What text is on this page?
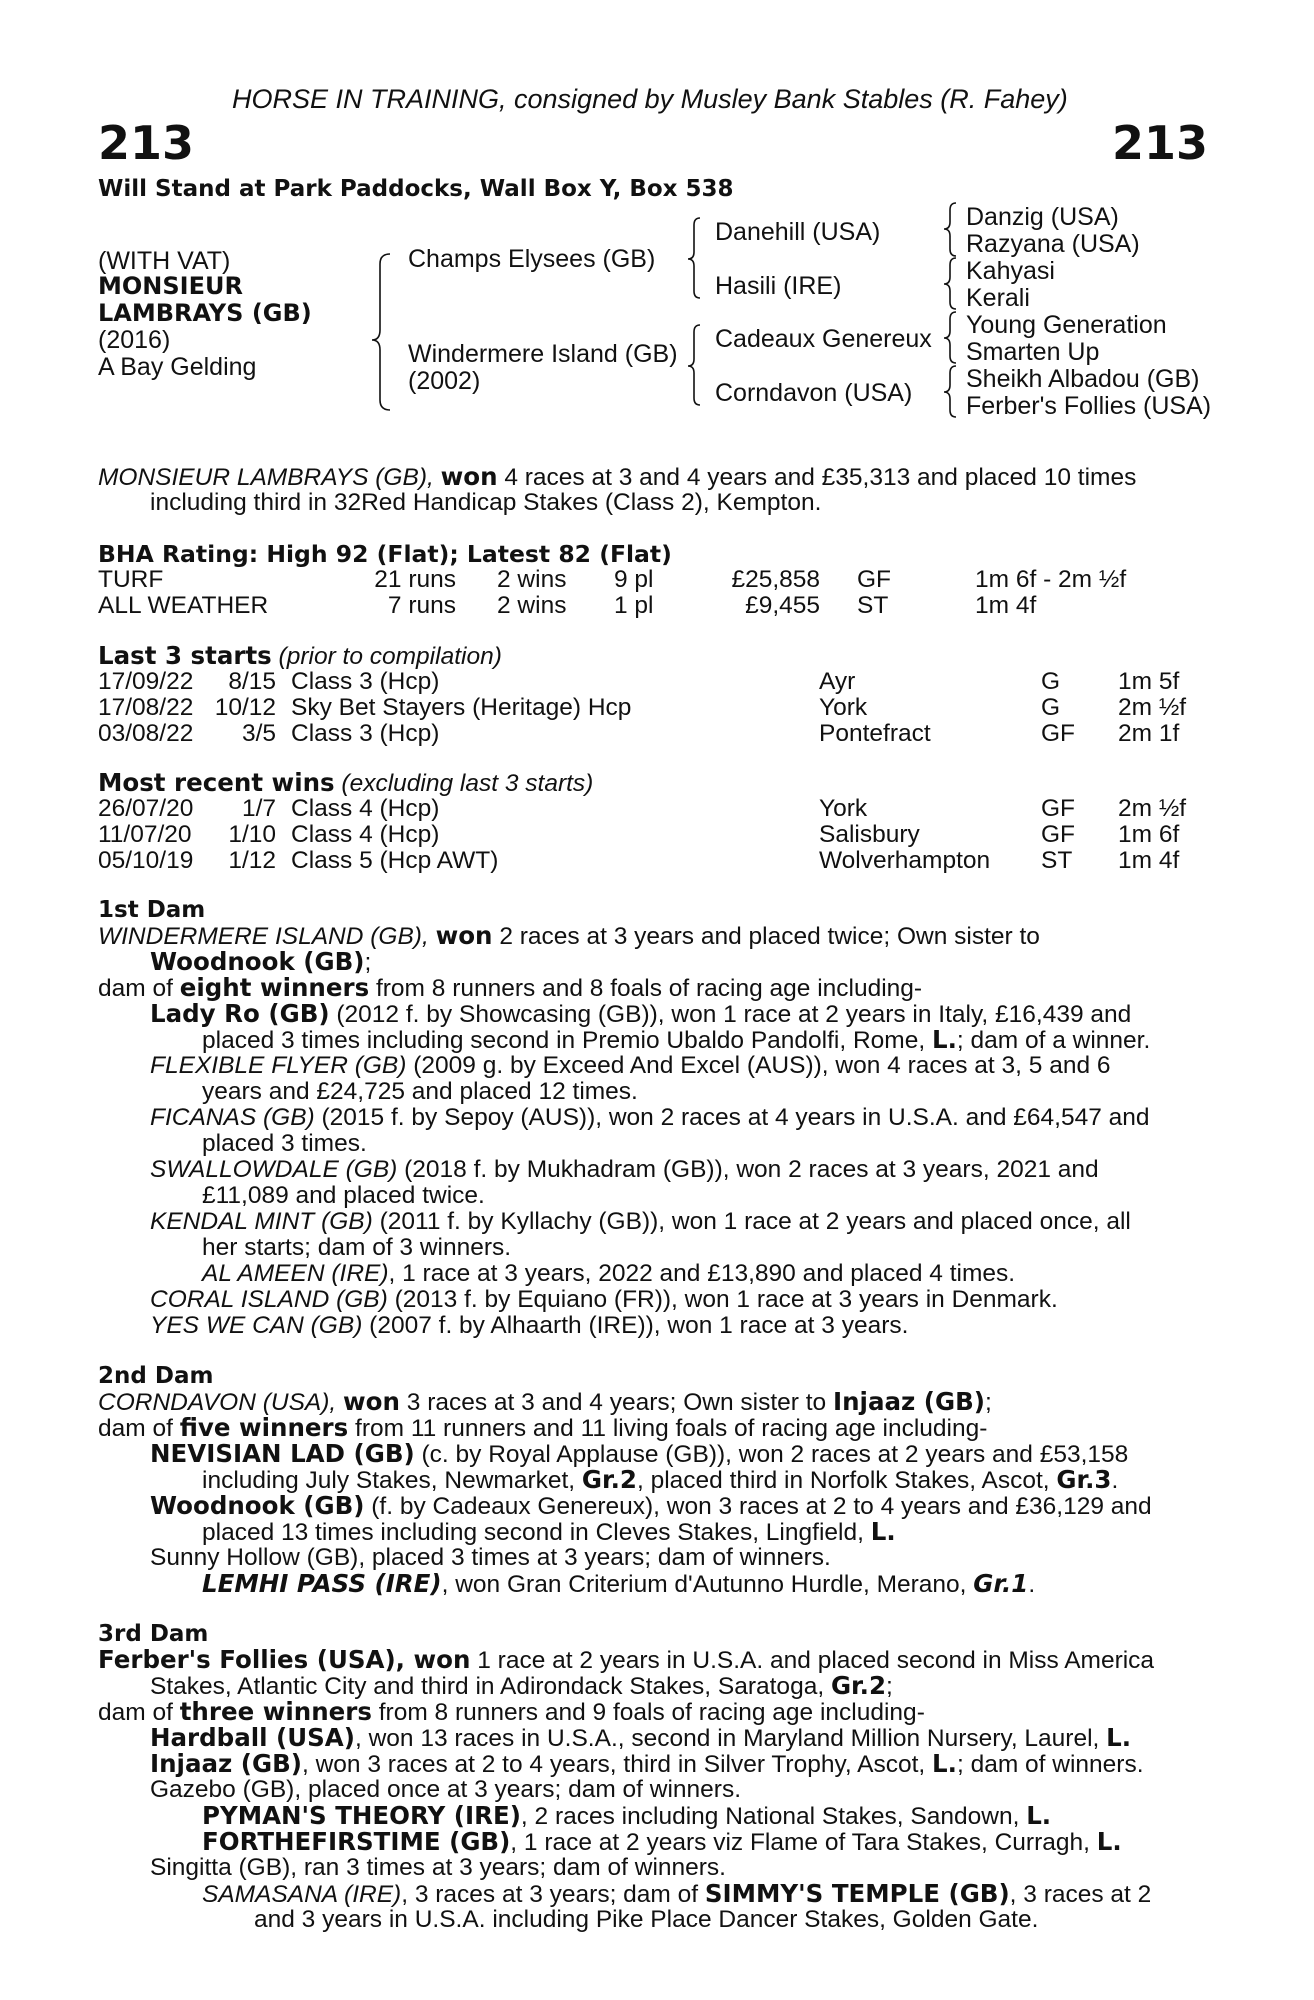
HORSE IN TRAINING, consigned by Musley Bank Stables (R. Fahey)
213	213
Will Stand at Park Paddocks, Wall Box Y, Box 538
(WITH VAT)
MONSIEUR
LAMBRAYS (GB)
(2016)
A Bay Gelding
Champs Elysees (GB)
Windermere Island (GB)
(2002)
Danehill (USA)
Hasili (IRE)
Cadeaux Genereux
Corndavon (USA)
Danzig (USA)
Razyana (USA)
Kahyasi
Kerali
Young Generation
Smarten Up
Sheikh Albadou (GB)
Ferber's Follies (USA)
MONSIEUR LAMBRAYS (GB), won 4 races at 3 and 4 years and £35,313 and placed 10 times
including third in 32Red Handicap Stakes (Class 2), Kempton.
BHA Rating: High 92 (Flat); Latest 82 (Flat)
TURF	21 runs 2 wins 9 pl	£25,858 GF	1m 6f - 2m ½f
ALL WEATHER	7 runs 2 wins 1 pl	£9,455 ST	1m 4f
Last 3 starts (prior to compilation)
17/09/22 8/15 Class 3 (Hcp)	Ayr	G 1m 5f
17/08/22 10/12 Sky Bet Stayers (Heritage) Hcp	York	G 2m ½f
03/08/22 3/5 Class 3 (Hcp)	Pontefract	GF 2m 1f
Most recent wins (excluding last 3 starts)
26/07/20 1/7 Class 4 (Hcp)	York	GF 2m ½f
11/07/20 1/10 Class 4 (Hcp)	Salisbury	GF 1m 6f
05/10/19 1/12 Class 5 (Hcp AWT)	Wolverhampton ST 1m 4f
1st Dam
WINDERMERE ISLAND (GB), won 2 races at 3 years and placed twice; Own sister to
Woodnook (GB);
dam of eight winners from 8 runners and 8 foals of racing age including-
Lady Ro (GB) (2012 f. by Showcasing (GB)), won 1 race at 2 years in Italy, £16,439 and
placed 3 times including second in Premio Ubaldo Pandolfi, Rome, L.; dam of a winner.
FLEXIBLE FLYER (GB) (2009 g. by Exceed And Excel (AUS)), won 4 races at 3, 5 and 6
years and £24,725 and placed 12 times.
FICANAS (GB) (2015 f. by Sepoy (AUS)), won 2 races at 4 years in U.S.A. and £64,547 and
placed 3 times.
SWALLOWDALE (GB) (2018 f. by Mukhadram (GB)), won 2 races at 3 years, 2021 and
£11,089 and placed twice.
KENDAL MINT (GB) (2011 f. by Kyllachy (GB)), won 1 race at 2 years and placed once, all
her starts; dam of 3 winners.
AL AMEEN (IRE), 1 race at 3 years, 2022 and £13,890 and placed 4 times.
CORAL ISLAND (GB) (2013 f. by Equiano (FR)), won 1 race at 3 years in Denmark.
YES WE CAN (GB) (2007 f. by Alhaarth (IRE)), won 1 race at 3 years.
2nd Dam
CORNDAVON (USA), won 3 races at 3 and 4 years; Own sister to Injaaz (GB);
dam of five winners from 11 runners and 11 living foals of racing age including-
NEVISIAN LAD (GB) (c. by Royal Applause (GB)), won 2 races at 2 years and £53,158
including July Stakes, Newmarket, Gr.2, placed third in Norfolk Stakes, Ascot, Gr.3.
Woodnook (GB) (f. by Cadeaux Genereux), won 3 races at 2 to 4 years and £36,129 and
placed 13 times including second in Cleves Stakes, Lingfield, L.
Sunny Hollow (GB), placed 3 times at 3 years; dam of winners.
LEMHI PASS (IRE), won Gran Criterium d'Autunno Hurdle, Merano, Gr.1.
3rd Dam
Ferber's Follies (USA), won 1 race at 2 years in U.S.A. and placed second in Miss America
Stakes, Atlantic City and third in Adirondack Stakes, Saratoga, Gr.2;
dam of three winners from 8 runners and 9 foals of racing age including-
Hardball (USA), won 13 races in U.S.A., second in Maryland Million Nursery, Laurel, L.
Injaaz (GB), won 3 races at 2 to 4 years, third in Silver Trophy, Ascot, L.; dam of winners.
Gazebo (GB), placed once at 3 years; dam of winners.
PYMAN'S THEORY (IRE), 2 races including National Stakes, Sandown, L.
FORTHEFIRSTIME (GB), 1 race at 2 years viz Flame of Tara Stakes, Curragh, L.
Singitta (GB), ran 3 times at 3 years; dam of winners.
SAMASANA (IRE), 3 races at 3 years; dam of SIMMY'S TEMPLE (GB), 3 races at 2
and 3 years in U.S.A. including Pike Place Dancer Stakes, Golden Gate.
